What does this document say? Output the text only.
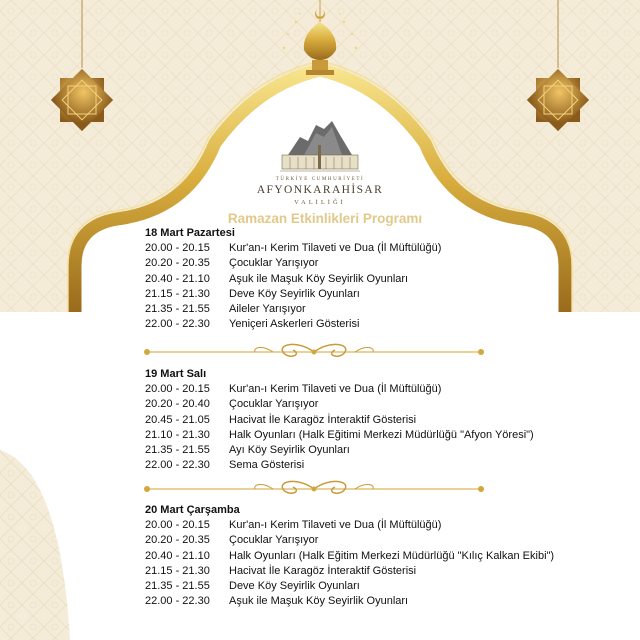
TÜRKİYE CUMHURİYETİ
AFYONKARAHİSAR
VALİLİĞİ
Ramazan Etkinlikleri Programı
18 Mart Pazartesi
20.00 - 20.15 Kur'an-ı Kerim Tilaveti ve Dua (İl Müftülüğü)
20.20 - 20.35 Çocuklar Yarışıyor
20.40 - 21.10 Aşuk ile Maşuk Köy Seyirlik Oyunları
21.15 - 21.30 Deve Köy Seyirlik Oyunları
21.35 - 21.55 Aileler Yarışıyor
22.00 - 22.30 Yeniçeri Askerleri Gösterisi
19 Mart Salı
20.00 - 20.15 Kur'an-ı Kerim Tilaveti ve Dua (İl Müftülüğü)
20.20 - 20.40 Çocuklar Yarışıyor
20.45 - 21.05 Hacivat İle Karagöz İnteraktif Gösterisi
21.10 - 21.30 Halk Oyunları (Halk Eğitimi Merkezi Müdürlüğü "Afyon Yöresi")
21.35 - 21.55 Ayı Köy Seyirlik Oyunları
22.00 - 22.30 Sema Gösterisi
20 Mart Çarşamba
20.00 - 20.15 Kur'an-ı Kerim Tilaveti ve Dua (İl Müftülüğü)
20.20 - 20.35 Çocuklar Yarışıyor
20.40 - 21.10 Halk Oyunları (Halk Eğitim Merkezi Müdürlüğü "Kılıç Kalkan Ekibi")
21.15 - 21.30 Hacivat İle Karagöz İnteraktif Gösterisi
21.35 - 21.55 Deve Köy Seyirlik Oyunları
22.00 - 22.30 Aşuk ile Maşuk Köy Seyirlik Oyunları
